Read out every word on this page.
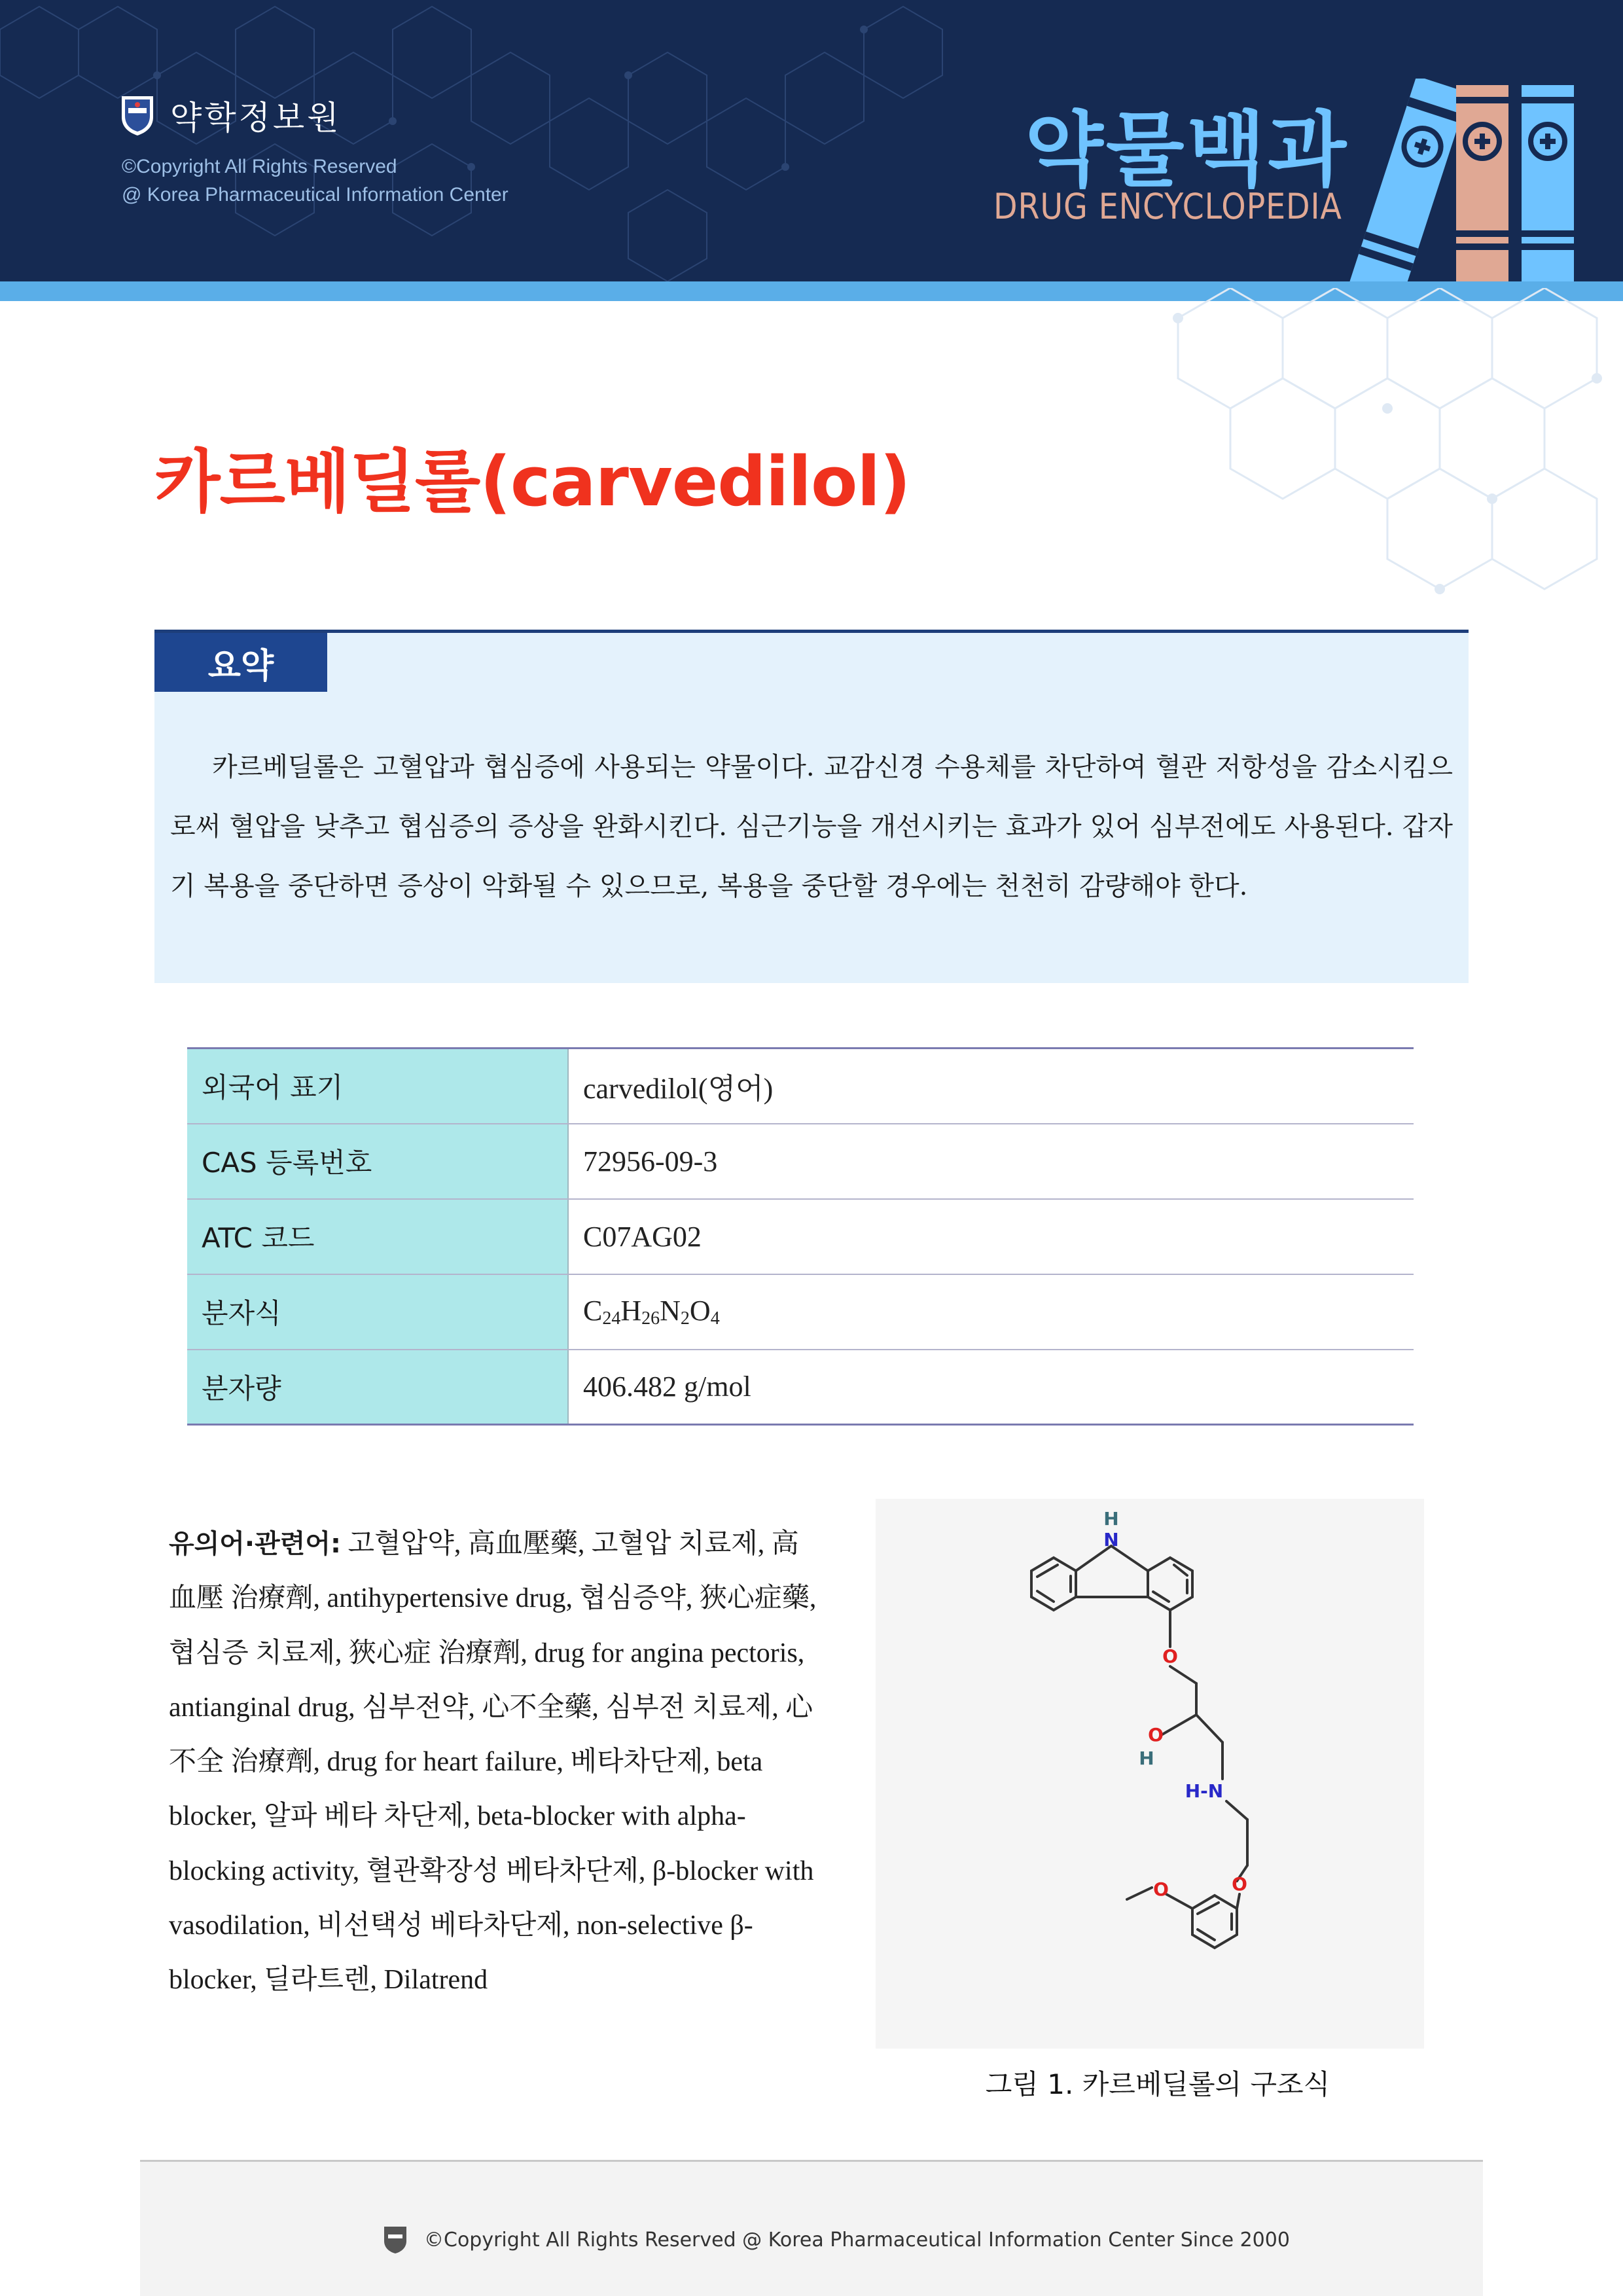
약학정보원
©Copyright All Rights Reserved
@ Korea Pharmaceutical Information Center	약물백과
DRUG ENCYCLOPEDIA
카르베딜롤(carvedilol)
요약

카르베딜롤은 고혈압과 협심증에 사용되는 약물이다. 교감신경 수용체를 차단하여 혈관 저항성을 감소시킴으로써 혈압을 낮추고 협심증의 증상을 완화시킨다. 심근기능을 개선시키는 효과가 있어 심부전에도 사용된다. 갑자기 복용을 중단하면 증상이 악화될 수 있으므로, 복용을 중단할 경우에는 천천히 감량해야 한다.

외국어 표기	carvedilol(영어)
CAS 등록번호	72956-09-3
ATC 코드	C07AG02
분자식	$C_{24}H_{26}N_2O_4$
분자량	406.482 g/mol

유의어·관련어: 고혈압약, 高血壓藥, 고혈압 치료제, 高血壓 治療劑, antihypertensive drug, 협심증약, 狹心症藥, 협심증 치료제, 狹心症 治療劑, drug for angina pectoris, antianginal drug, 심부전약, 心不全藥, 심부전 치료제, 心不全 治療劑, drug for heart failure, 베타차단제, beta blocker, 알파 베타 차단제, beta-blocker with alpha-blocking activity, 혈관확장성 베타차단제, β-blocker with vasodilation, 비선택성 베타차단제, non-selective β-blocker, 딜라트렌, Dilatrend

H
N
O
O
H
H-N
O
O
그림 1. 카르베딜롤의 구조식
©Copyright All Rights Reserved @ Korea Pharmaceutical Information Center Since 2000
